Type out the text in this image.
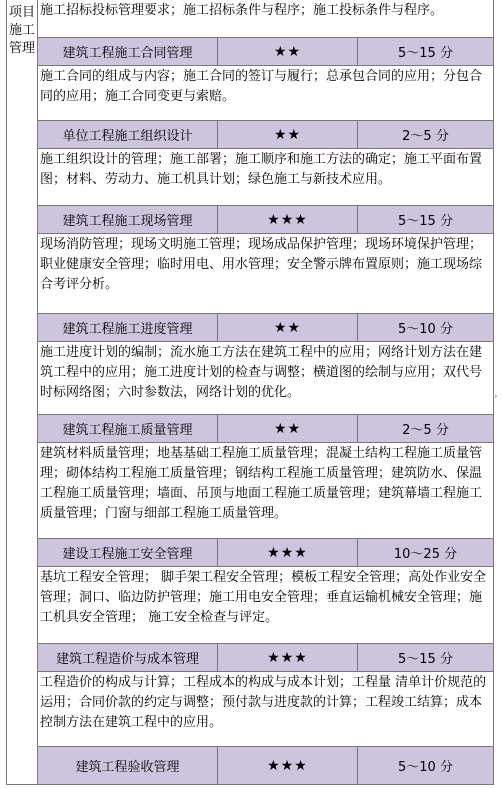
项目施工管理
施工招标投标管理要求；施工招标条件与程序；施工投标条件与程序。
建筑工程施工合同管理	★★	5～15 分
施工合同的组成与内容；施工合同的签订与履行；总承包合同的应用；分包合同的应用；施工合同变更与索赔。
单位工程施工组织设计	★★	2～5 分
施工组织设计的管理；施工部署；施工顺序和施工方法的确定；施工平面布置图；材料、劳动力、施工机具计划；绿色施工与新技术应用。
建筑工程施工现场管理	★★★	5～15 分
现场消防管理；现场文明施工管理；现场成品保护管理；现场环境保护管理；职业健康安全管理；临时用电、用水管理；安全警示牌布置原则；施工现场综合考评分析。
建筑工程施工进度管理	★★	5～10 分
施工进度计划的编制；流水施工方法在建筑工程中的应用；网络计划方法在建筑工程中的应用；施工进度计划的检查与调整；横道图的绘制与应用；双代号时标网络图；六时参数法，网络计划的优化。
建筑工程施工质量管理	★★	2～5 分
建筑材料质量管理；地基基础工程施工质量管理；混凝土结构工程施工质量管理；砌体结构工程施工质量管理；钢结构工程施工质量管理；建筑防水、保温工程施工质量管理；墙面、吊顶与地面工程施工质量管理；建筑幕墙工程施工质量管理；门窗与细部工程施工质量管理。
建设工程施工安全管理	★★★	10～25 分
基坑工程安全管理； 脚手架工程安全管理；模板工程安全管理；高处作业安全管理；洞口、临边防护管理；施工用电安全管理；垂直运输机械安全管理；施工机具安全管理； 施工安全检查与评定。
建筑工程造价与成本管理	★★★	5～15 分
工程造价的构成与计算；工程成本的构成与成本计划；工程量 清单计价规范的运用；合同价款的约定与调整；预付款与进度款的计算；工程竣工结算；成本控制方法在建筑工程中的应用。
建筑工程验收管理	★★★	5～10 分
›
